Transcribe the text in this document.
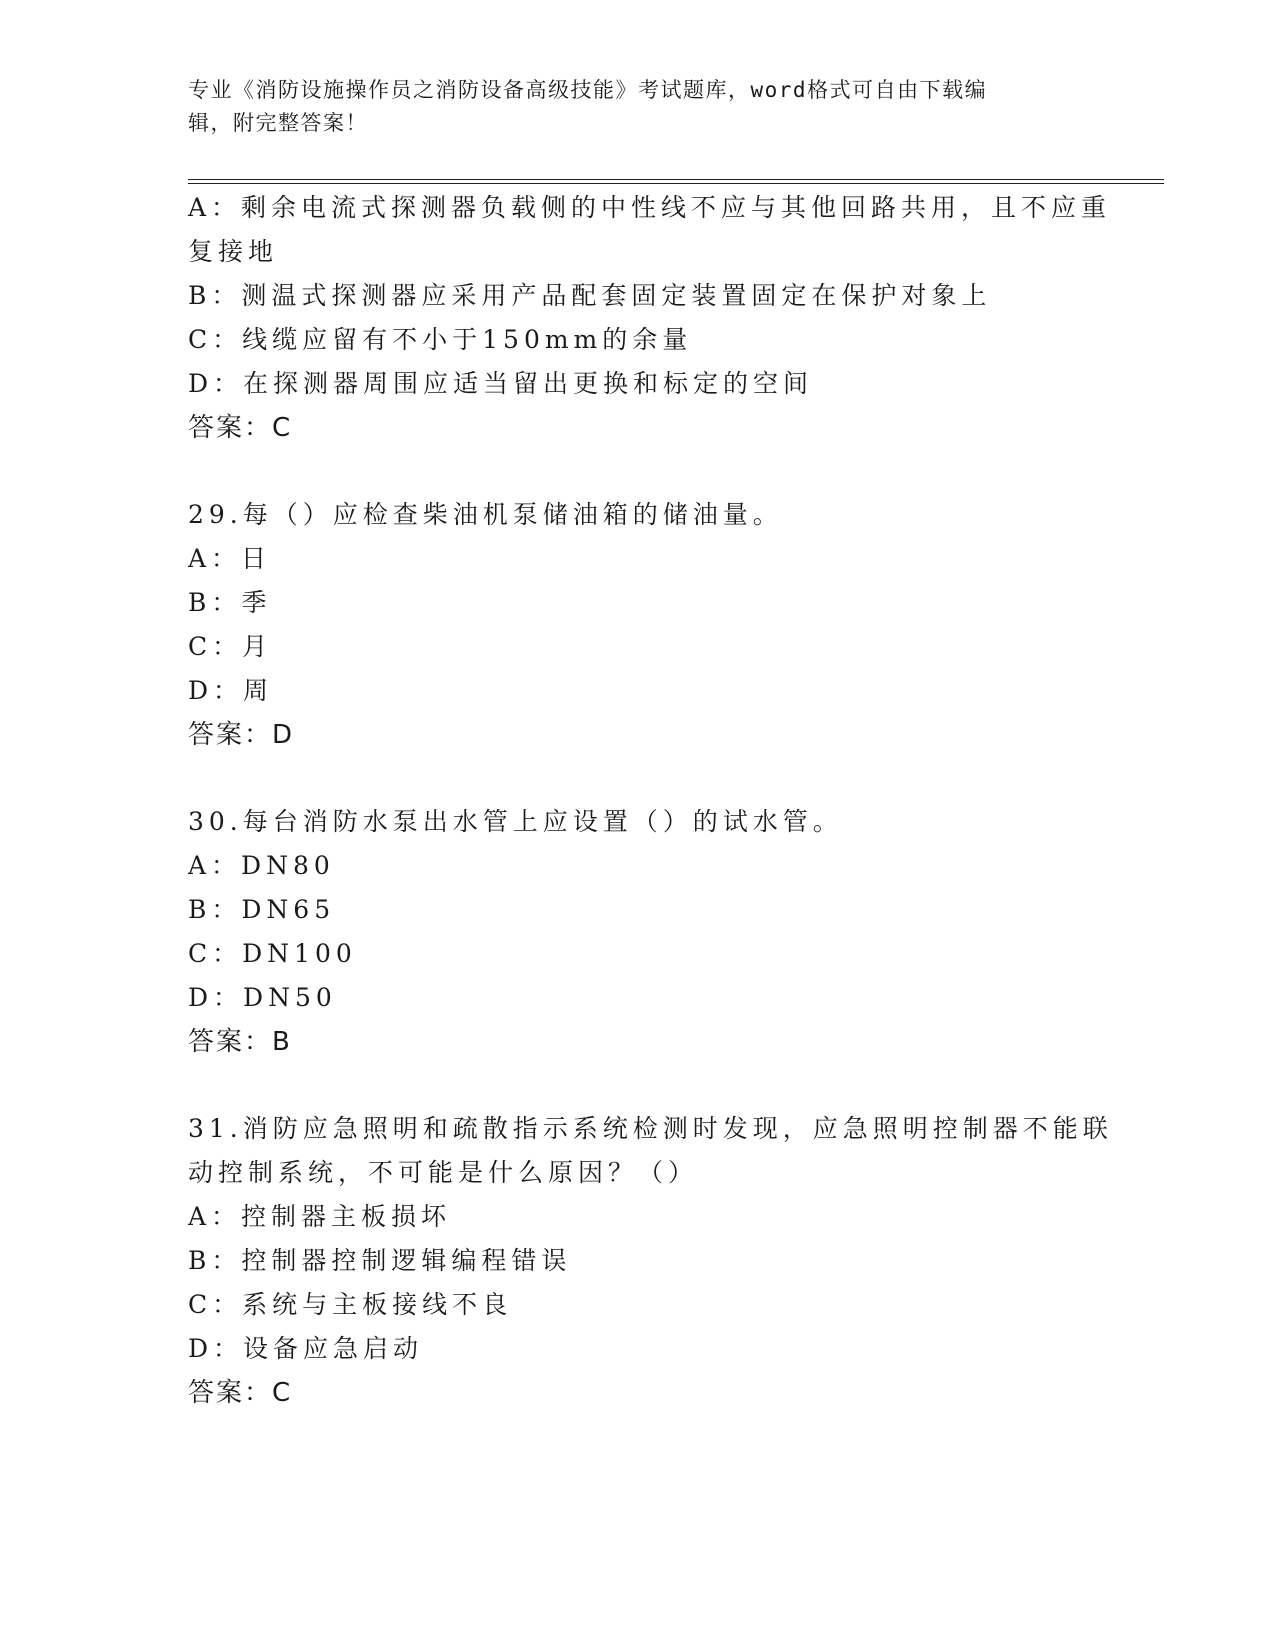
专业《消防设施操作员之消防设备高级技能》考试题库，word格式可自由下载编
辑，附完整答案！
A：剩余电流式探测器负载侧的中性线不应与其他回路共用，且不应重
复接地
B：测温式探测器应采用产品配套固定装置固定在保护对象上
C：线缆应留有不小于150mm的余量
D：在探测器周围应适当留出更换和标定的空间
答案：C
29.每（）应检查柴油机泵储油箱的储油量。
A：日
B：季
C：月
D：周
答案：D
30.每台消防水泵出水管上应设置（）的试水管。
A：DN80
B：DN65
C：DN100
D：DN50
答案：B
31.消防应急照明和疏散指示系统检测时发现，应急照明控制器不能联
动控制系统，不可能是什么原因？（）
A：控制器主板损坏
B：控制器控制逻辑编程错误
C：系统与主板接线不良
D：设备应急启动
答案：C
